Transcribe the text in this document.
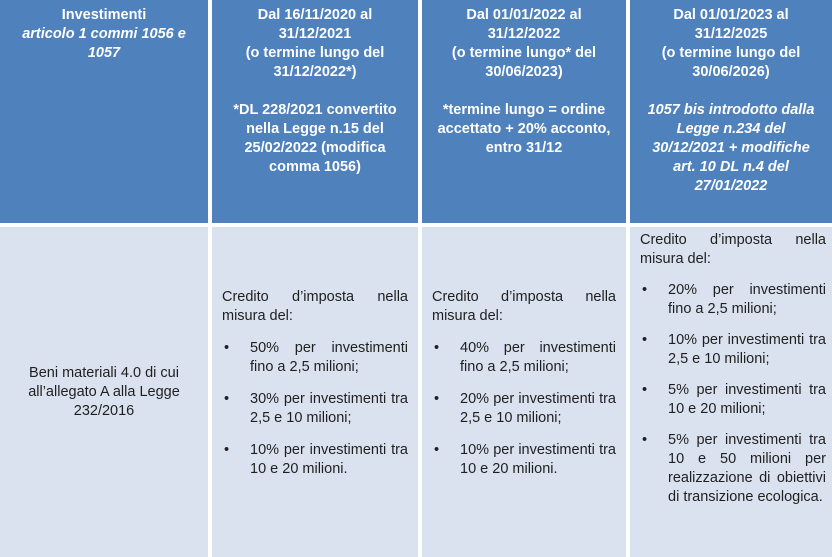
Investimenti
articolo 1 commi 1056 e 1057
Dal 16/11/2020 al
31/12/2021
(o termine lungo del
31/12/2022*)
*DL 228/2021 convertito
nella Legge n.15 del
25/02/2022 (modifica
comma 1056)
Dal 01/01/2022 al
31/12/2022
(o termine lungo* del
30/06/2023)
*termine lungo = ordine
accettato + 20% acconto,
entro 31/12
Dal 01/01/2023 al
31/12/2025
(o termine lungo del
30/06/2026)
1057 bis introdotto dalla
Legge n.234 del
30/12/2021 + modifiche
art. 10 DL n.4 del
27/01/2022
Beni materiali 4.0 di cui all’allegato A alla Legge 232/2016

Credito d’imposta nella misura del:

• 50% per investimenti fino a 2,5 milioni;
• 30% per investimenti tra 2,5 e 10 milioni;
• 10% per investimenti tra 10 e 20 milioni.

Credito d’imposta nella misura del:

• 40% per investimenti fino a 2,5 milioni;
• 20% per investimenti tra 2,5 e 10 milioni;
• 10% per investimenti tra 10 e 20 milioni.

Credito d’imposta nella misura del:

• 20% per investimenti fino a 2,5 milioni;
• 10% per investimenti tra 2,5 e 10 milioni;
• 5% per investimenti tra 10 e 20 milioni;
• 5% per investimenti tra 10 e 50 milioni per realizzazione di obiettivi di transizione ecologica.
